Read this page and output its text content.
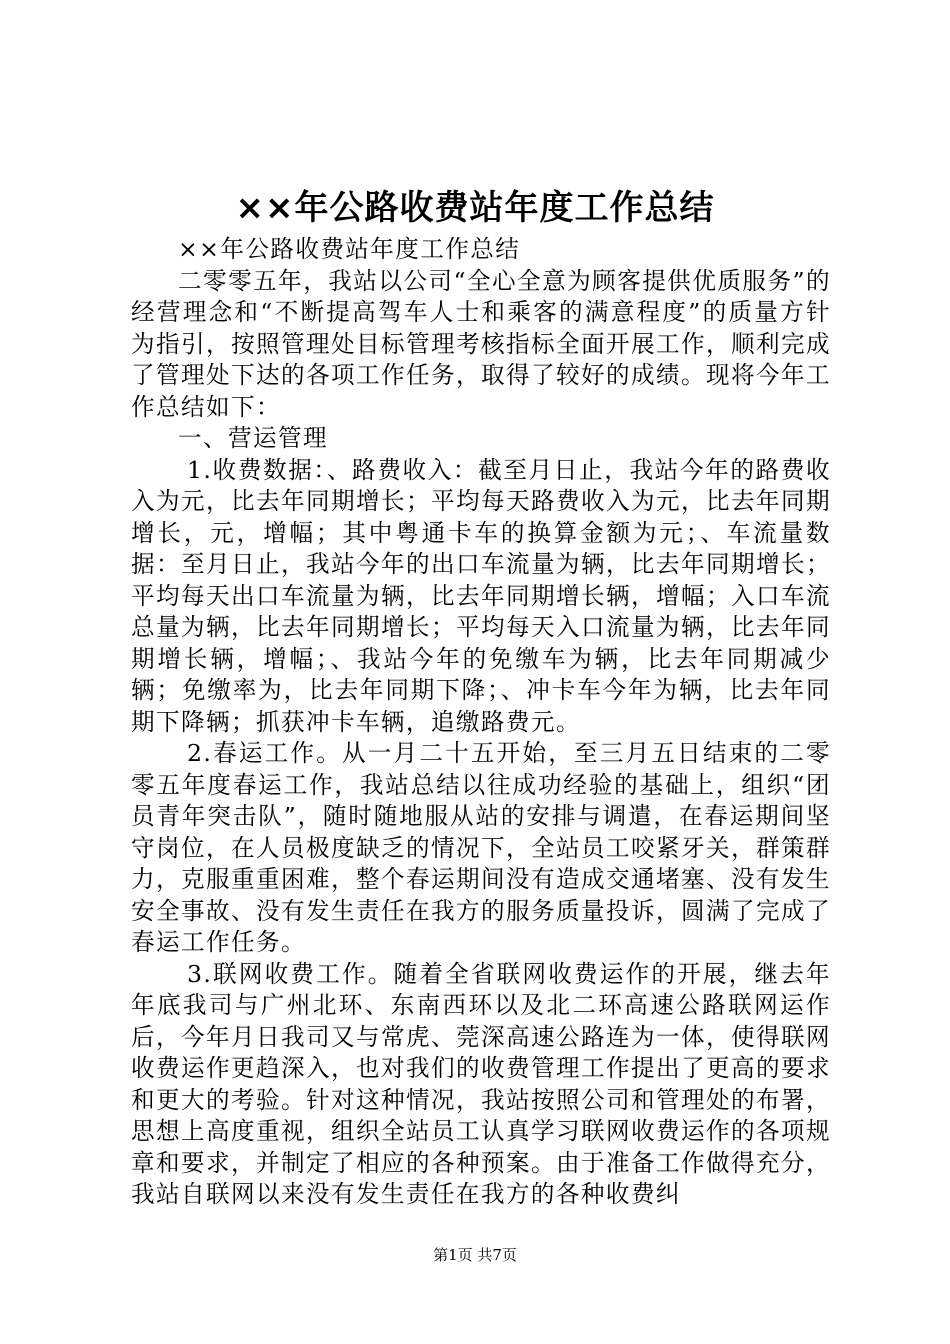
××年公路收费站年度工作总结

××年公路收费站年度工作总结

二零零五年，我站以公司“全心全意为顾客提供优质服务”的经营理念和“不断提高驾车人士和乘客的满意程度”的质量方针为指引，按照管理处目标管理考核指标全面开展工作，顺利完成了管理处下达的各项工作任务，取得了较好的成绩。现将今年工作总结如下：

一、营运管理

1.收费数据：、路费收入：截至月日止，我站今年的路费收入为元，比去年同期增长；平均每天路费收入为元，比去年同期增长，元，增幅；其中粤通卡车的换算金额为元；、车流量数据：至月日止，我站今年的出口车流量为辆，比去年同期增长；平均每天出口车流量为辆，比去年同期增长辆，增幅；入口车流总量为辆，比去年同期增长；平均每天入口流量为辆，比去年同期增长辆，增幅；、我站今年的免缴车为辆，比去年同期减少辆；免缴率为，比去年同期下降；、冲卡车今年为辆，比去年同期下降辆；抓获冲卡车辆，追缴路费元。

2.春运工作。从一月二十五开始，至三月五日结束的二零零五年度春运工作，我站总结以往成功经验的基础上，组织“团员青年突击队”，随时随地服从站的安排与调遣，在春运期间坚守岗位，在人员极度缺乏的情况下，全站员工咬紧牙关，群策群力，克服重重困难，整个春运期间没有造成交通堵塞、没有发生安全事故、没有发生责任在我方的服务质量投诉，圆满了完成了春运工作任务。

3.联网收费工作。随着全省联网收费运作的开展，继去年年底我司与广州北环、东南西环以及北二环高速公路联网运作后，今年月日我司又与常虎、莞深高速公路连为一体，使得联网收费运作更趋深入，也对我们的收费管理工作提出了更高的要求和更大的考验。针对这种情况，我站按照公司和管理处的布署，思想上高度重视，组织全站员工认真学习联网收费运作的各项规章和要求，并制定了相应的各种预案。由于准备工作做得充分，我站自联网以来没有发生责任在我方的各种收费纠

第1页 共7页
